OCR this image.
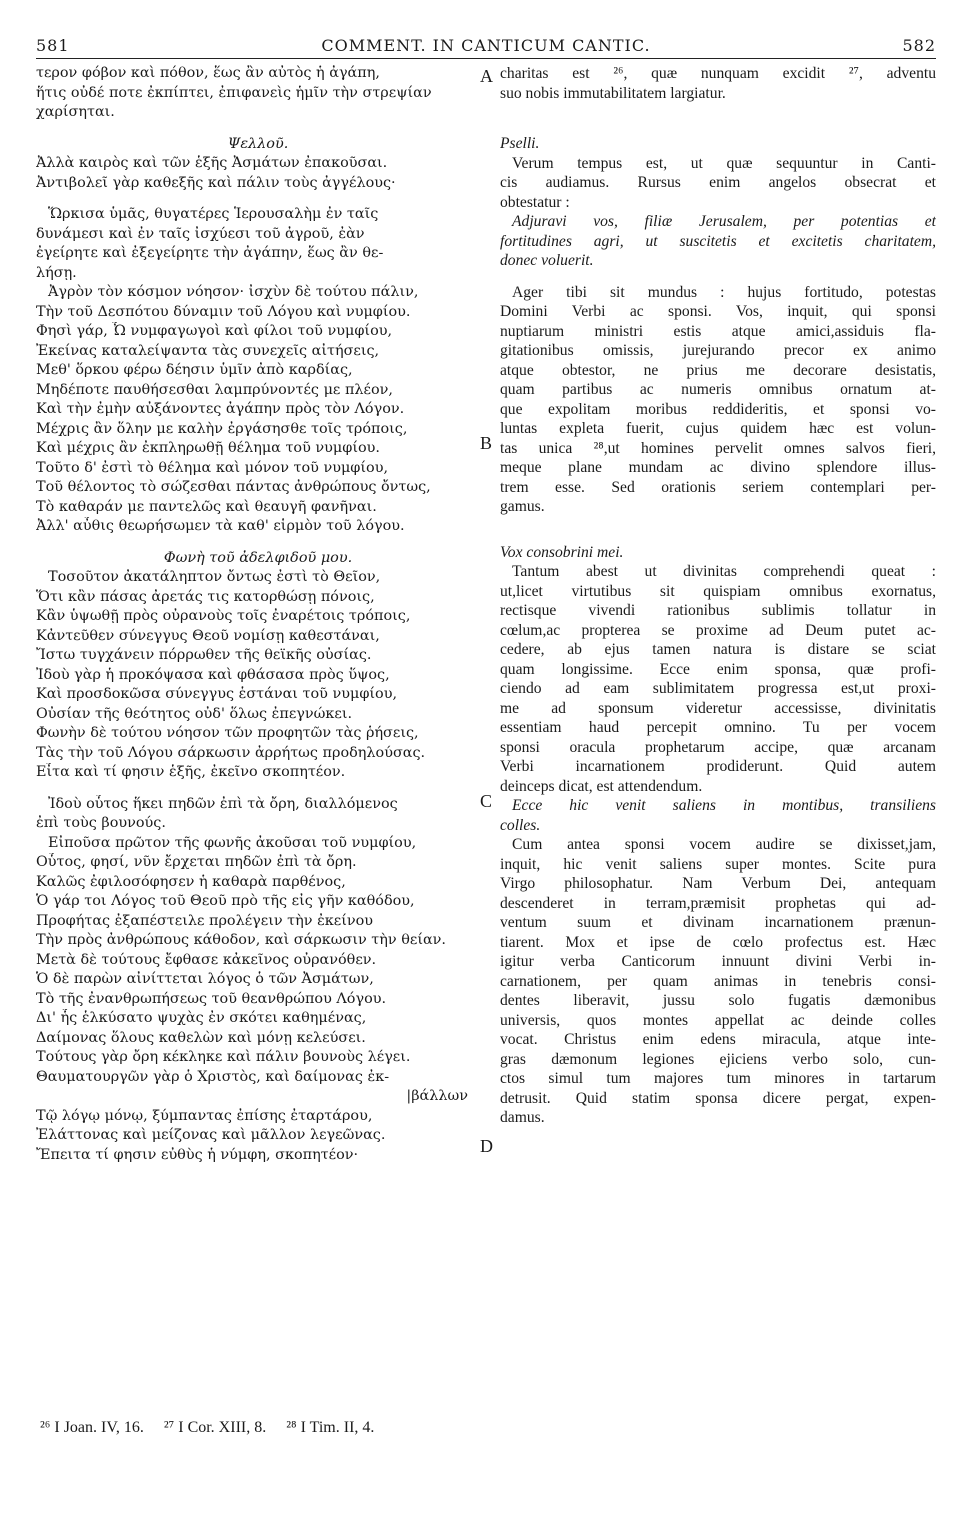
581	COMMENT. IN CANTICUM CANTIC.	582
τερον φόβον καὶ πόθον, ἕως ἂν αὐτὸς ἡ ἀγάπη,
ἥτις οὐδέ ποτε ἐκπίπτει, ἐπιφανεὶς ἡμῖν τὴν στρεψίαν
χαρίσηται.
Ψελλοῦ.
Ἀλλὰ καιρὸς καὶ τῶν ἑξῆς Ἀσμάτων ἐπακοῦσαι.
Ἀντιβολεῖ γὰρ καθεξῆς καὶ πάλιν τοὺς ἀγγέλους·
Ὥρκισα ὑμᾶς, θυγατέρες Ἱερουσαλὴμ ἐν ταῖς
δυνάμεσι καὶ ἐν ταῖς ἰσχύεσι τοῦ ἀγροῦ, ἐὰν
ἐγείρητε καὶ ἐξεγείρητε τὴν ἀγάπην, ἕως ἂν θε-
λήσῃ.
Ἀγρὸν τὸν κόσμον νόησον· ἰσχὺν δὲ τούτου πάλιν,
Τὴν τοῦ Δεσπότου δύναμιν τοῦ Λόγου καὶ νυμφίου.
Φησὶ γάρ, Ὦ νυμφαγωγοὶ καὶ φίλοι τοῦ νυμφίου,
Ἐκείνας καταλείψαντα τὰς συνεχεῖς αἰτήσεις,
Μεθ' ὅρκου φέρω δέησιν ὑμῖν ἀπὸ καρδίας,
Μηδέποτε παυθήσεσθαι λαμπρύνοντές με πλέον,
Καὶ τὴν ἐμὴν αὐξάνοντες ἀγάπην πρὸς τὸν Λόγον.
Μέχρις ἂν ὅλην με καλὴν ἐργάσησθε τοῖς τρόποις,
Καὶ μέχρις ἂν ἐκπληρωθῇ θέλημα τοῦ νυμφίου.
Τοῦτο δ' ἐστὶ τὸ θέλημα καὶ μόνον τοῦ νυμφίου,
Τοῦ θέλοντος τὸ σώζεσθαι πάντας ἀνθρώπους ὄντως,
Τὸ καθαράν με παντελῶς καὶ θεαυγῆ φανῆναι.
Ἀλλ' αὖθις θεωρήσωμεν τὰ καθ' εἱρμὸν τοῦ λόγου.
Φωνὴ τοῦ ἀδελφιδοῦ μου.
Τοσοῦτον ἀκατάληπτον ὄντως ἐστὶ τὸ Θεῖον,
Ὅτι κἂν πάσας ἀρετάς τις κατορθώσῃ πόνοις,
Κἂν ὑψωθῇ πρὸς οὐρανοὺς τοῖς ἐναρέτοις τρόποις,
Κἀντεῦθεν σύνεγγυς Θεοῦ νομίσῃ καθεστάναι,
Ἴστω τυγχάνειν πόρρωθεν τῆς θεϊκῆς οὐσίας.
Ἰδοὺ γὰρ ἡ προκόψασα καὶ φθάσασα πρὸς ὕψος,
Καὶ προσδοκῶσα σύνεγγυς ἑστάναι τοῦ νυμφίου,
Οὐσίαν τῆς θεότητος οὐδ' ὅλως ἐπεγνώκει.
Φωνὴν δὲ τούτου νόησον τῶν προφητῶν τὰς ῥήσεις,
Τὰς τὴν τοῦ Λόγου σάρκωσιν ἀρρήτως προδηλούσας.
Εἶτα καὶ τί φησιν ἑξῆς, ἐκεῖνο σκοπητέον.
Ἰδοὺ οὗτος ἥκει πηδῶν ἐπὶ τὰ ὄρη, διαλλόμενος
ἐπὶ τοὺς βουνούς.
Εἰποῦσα πρῶτον τῆς φωνῆς ἀκοῦσαι τοῦ νυμφίου,
Οὗτος, φησί, νῦν ἔρχεται πηδῶν ἐπὶ τὰ ὄρη.
Καλῶς ἐφιλοσόφησεν ἡ καθαρὰ παρθένος,
Ὁ γάρ τοι Λόγος τοῦ Θεοῦ πρὸ τῆς εἰς γῆν καθόδου,
Προφήτας ἐξαπέστειλε προλέγειν τὴν ἐκείνου
Τὴν πρὸς ἀνθρώπους κάθοδον, καὶ σάρκωσιν τὴν θείαν.
Μετὰ δὲ τούτους ἔφθασε κἀκεῖνος οὐρανόθεν.
Ὁ δὲ παρὼν αἰνίττεται λόγος ὁ τῶν Ἀσμάτων,
Τὸ τῆς ἐνανθρωπήσεως τοῦ θεανθρώπου Λόγου.
Δι' ἧς ἑλκύσατο ψυχὰς ἐν σκότει καθημένας,
Δαίμονας ὅλους καθελὼν καὶ μόνῃ κελεύσει.
Τούτους γὰρ ὄρη κέκληκε καὶ πάλιν βουνοὺς λέγει.
Θαυματουργῶν γὰρ ὁ Χριστὸς, καὶ δαίμονας ἐκ-
|βάλλων
Τῷ λόγῳ μόνῳ, ξύμπαντας ἐπίσης ἐταρτάρου,
Ἐλάττονας καὶ μείζονας καὶ μᾶλλον λεγεῶνας.
Ἔπειτα τί φησιν εὐθὺς ἡ νύμφη, σκοπητέον·
charitas est ²⁶, quæ nunquam excidit ²⁷, adventu
suo nobis immutabilitatem largiatur.
Pselli.
Verum tempus est, ut quæ sequuntur in Canti-
cis audiamus. Rursus enim angelos obsecrat et
obtestatur :
Adjuravi vos, filiæ Jerusalem, per potentias et
fortitudines agri, ut suscitetis et excitetis charitatem,
donec voluerit.
Ager tibi sit mundus : hujus fortitudo, potestas
Domini Verbi ac sponsi. Vos, inquit, qui sponsi
nuptiarum ministri estis atque amici,assiduis fla-
gitationibus omissis, jurejurando precor ex animo
atque obtestor, ne prius me decorare desistatis,
quam partibus ac numeris omnibus ornatum at-
que expolitam moribus reddideritis, et sponsi vo-
luntas expleta fuerit, cujus quidem hæc est volun-
tas unica ²⁸,ut homines pervelit omnes salvos fieri,
meque plane mundam ac divino splendore illus-
trem esse. Sed orationis seriem contemplari per-
gamus.
Vox consobrini mei.
Tantum abest ut divinitas comprehendi queat :
ut,licet virtutibus sit quispiam omnibus exornatus,
rectisque vivendi rationibus sublimis tollatur in
cœlum,ac propterea se proxime ad Deum putet ac-
cedere, ab ejus tamen natura is distare se sciat
quam longissime. Ecce enim sponsa, quæ profi-
ciendo ad eam sublimitatem progressa est,ut proxi-
me ad sponsum videretur accessisse, divinitatis
essentiam haud percepit omnino. Tu per vocem
sponsi oracula prophetarum accipe, quæ arcanam
Verbi incarnationem prodiderunt. Quid autem
deinceps dicat, est attendendum.
Ecce hic venit saliens in montibus, transiliens
colles.
Cum antea sponsi vocem audire se dixisset,jam,
inquit, hic venit saliens super montes. Scite pura
Virgo philosophatur. Nam Verbum Dei, antequam
descenderet in terram,præmisit prophetas qui ad-
ventum suum et divinam incarnationem prænun-
tiarent. Mox et ipse de cœlo profectus est. Hæc
igitur verba Canticorum innuunt divini Verbi in-
carnationem, per quam animas in tenebris consi-
dentes liberavit, jussu solo fugatis dæmonibus
universis, quos montes appellat ac deinde colles
vocat. Christus enim edens miracula, atque inte-
gras dæmonum legiones ejiciens verbo solo, cun-
ctos simul tum majores tum minores in tartarum
detrusit. Quid statim sponsa dicere pergat, expen-
damus.
A
B
C
D
²⁶ I Joan. IV, 16. ²⁷ I Cor. XIII, 8. ²⁸ I Tim. II, 4.
